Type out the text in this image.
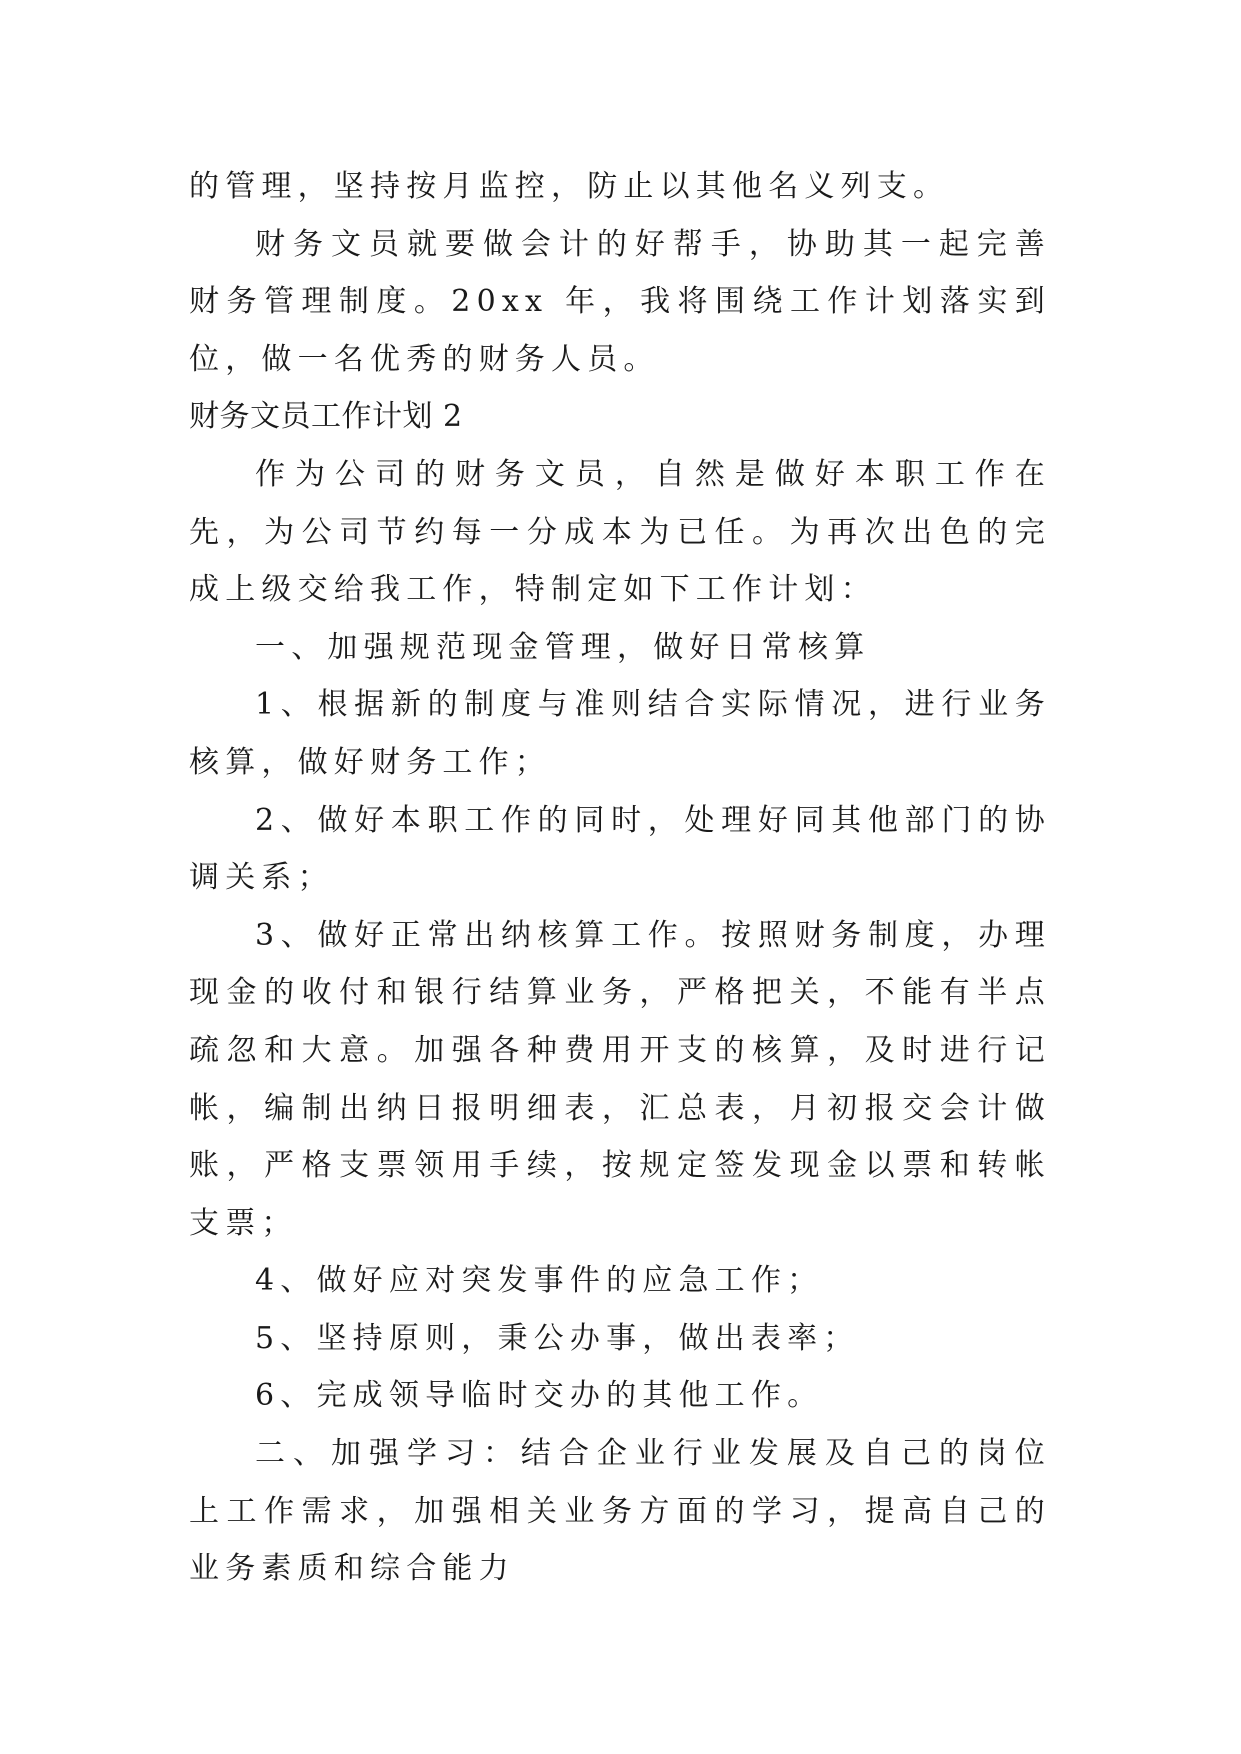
的管理，坚持按月监控，防止以其他名义列支。

财务文员就要做会计的好帮手，协助其一起完善财务管理制度。20xx 年，我将围绕工作计划落实到位，做一名优秀的财务人员。

财务文员工作计划 2

作为公司的财务文员，自然是做好本职工作在先，为公司节约每一分成本为已任。为再次出色的完成上级交给我工作，特制定如下工作计划：

一、加强规范现金管理，做好日常核算

1、根据新的制度与准则结合实际情况，进行业务核算，做好财务工作；

2、做好本职工作的同时，处理好同其他部门的协调关系；

3、做好正常出纳核算工作。按照财务制度，办理现金的收付和银行结算业务，严格把关，不能有半点疏忽和大意。加强各种费用开支的核算，及时进行记帐，编制出纳日报明细表，汇总表，月初报交会计做账，严格支票领用手续，按规定签发现金以票和转帐支票；

4、做好应对突发事件的应急工作；

5、坚持原则，秉公办事，做出表率；

6、完成领导临时交办的其他工作。

二、加强学习：结合企业行业发展及自己的岗位上工作需求，加强相关业务方面的学习，提高自己的业务素质和综合能力
